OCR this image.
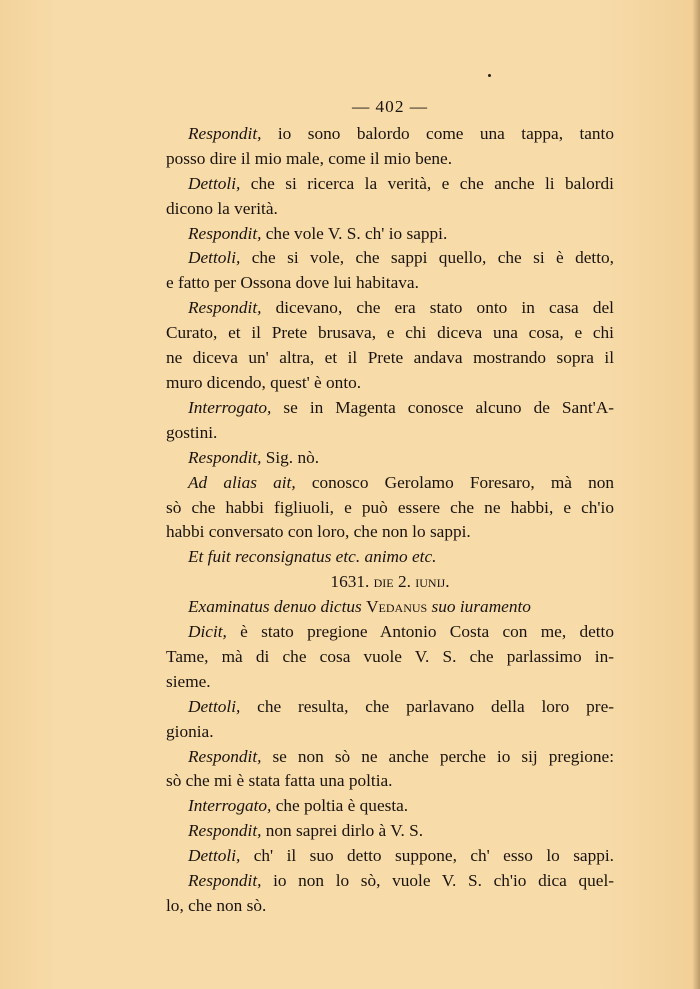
— 402 —
Respondit, io sono balordo come una tappa, tanto
posso dire il mio male, come il mio bene.
Dettoli, che si ricerca la verità, e che anche li balordi
dicono la verità.
Respondit, che vole V. S. ch' io sappi.
Dettoli, che si vole, che sappi quello, che si è detto,
e fatto per Ossona dove lui habitava.
Respondit, dicevano, che era stato onto in casa del
Curato, et il Prete brusava, e chi diceva una cosa, e chi
ne diceva un' altra, et il Prete andava mostrando sopra il
muro dicendo, quest' è onto.
Interrogato, se in Magenta conosce alcuno de Sant'A-
gostini.
Respondit, Sig. nò.
Ad alias ait, conosco Gerolamo Foresaro, mà non
sò che habbi figliuoli, e può essere che ne habbi, e ch'io
habbi conversato con loro, che non lo sappi.
Et fuit reconsignatus etc. animo etc.
1631. die 2. iunij.
Examinatus denuo dictus Vedanus suo iuramento
Dicit, è stato pregione Antonio Costa con me, detto
Tame, mà di che cosa vuole V. S. che parlassimo in-
sieme.
Dettoli, che resulta, che parlavano della loro pre-
gionia.
Respondit, se non sò ne anche perche io sij pregione:
sò che mi è stata fatta una poltia.
Interrogato, che poltia è questa.
Respondit, non saprei dirlo à V. S.
Dettoli, ch' il suo detto suppone, ch' esso lo sappi.
Respondit, io non lo sò, vuole V. S. ch'io dica quel-
lo, che non sò.
